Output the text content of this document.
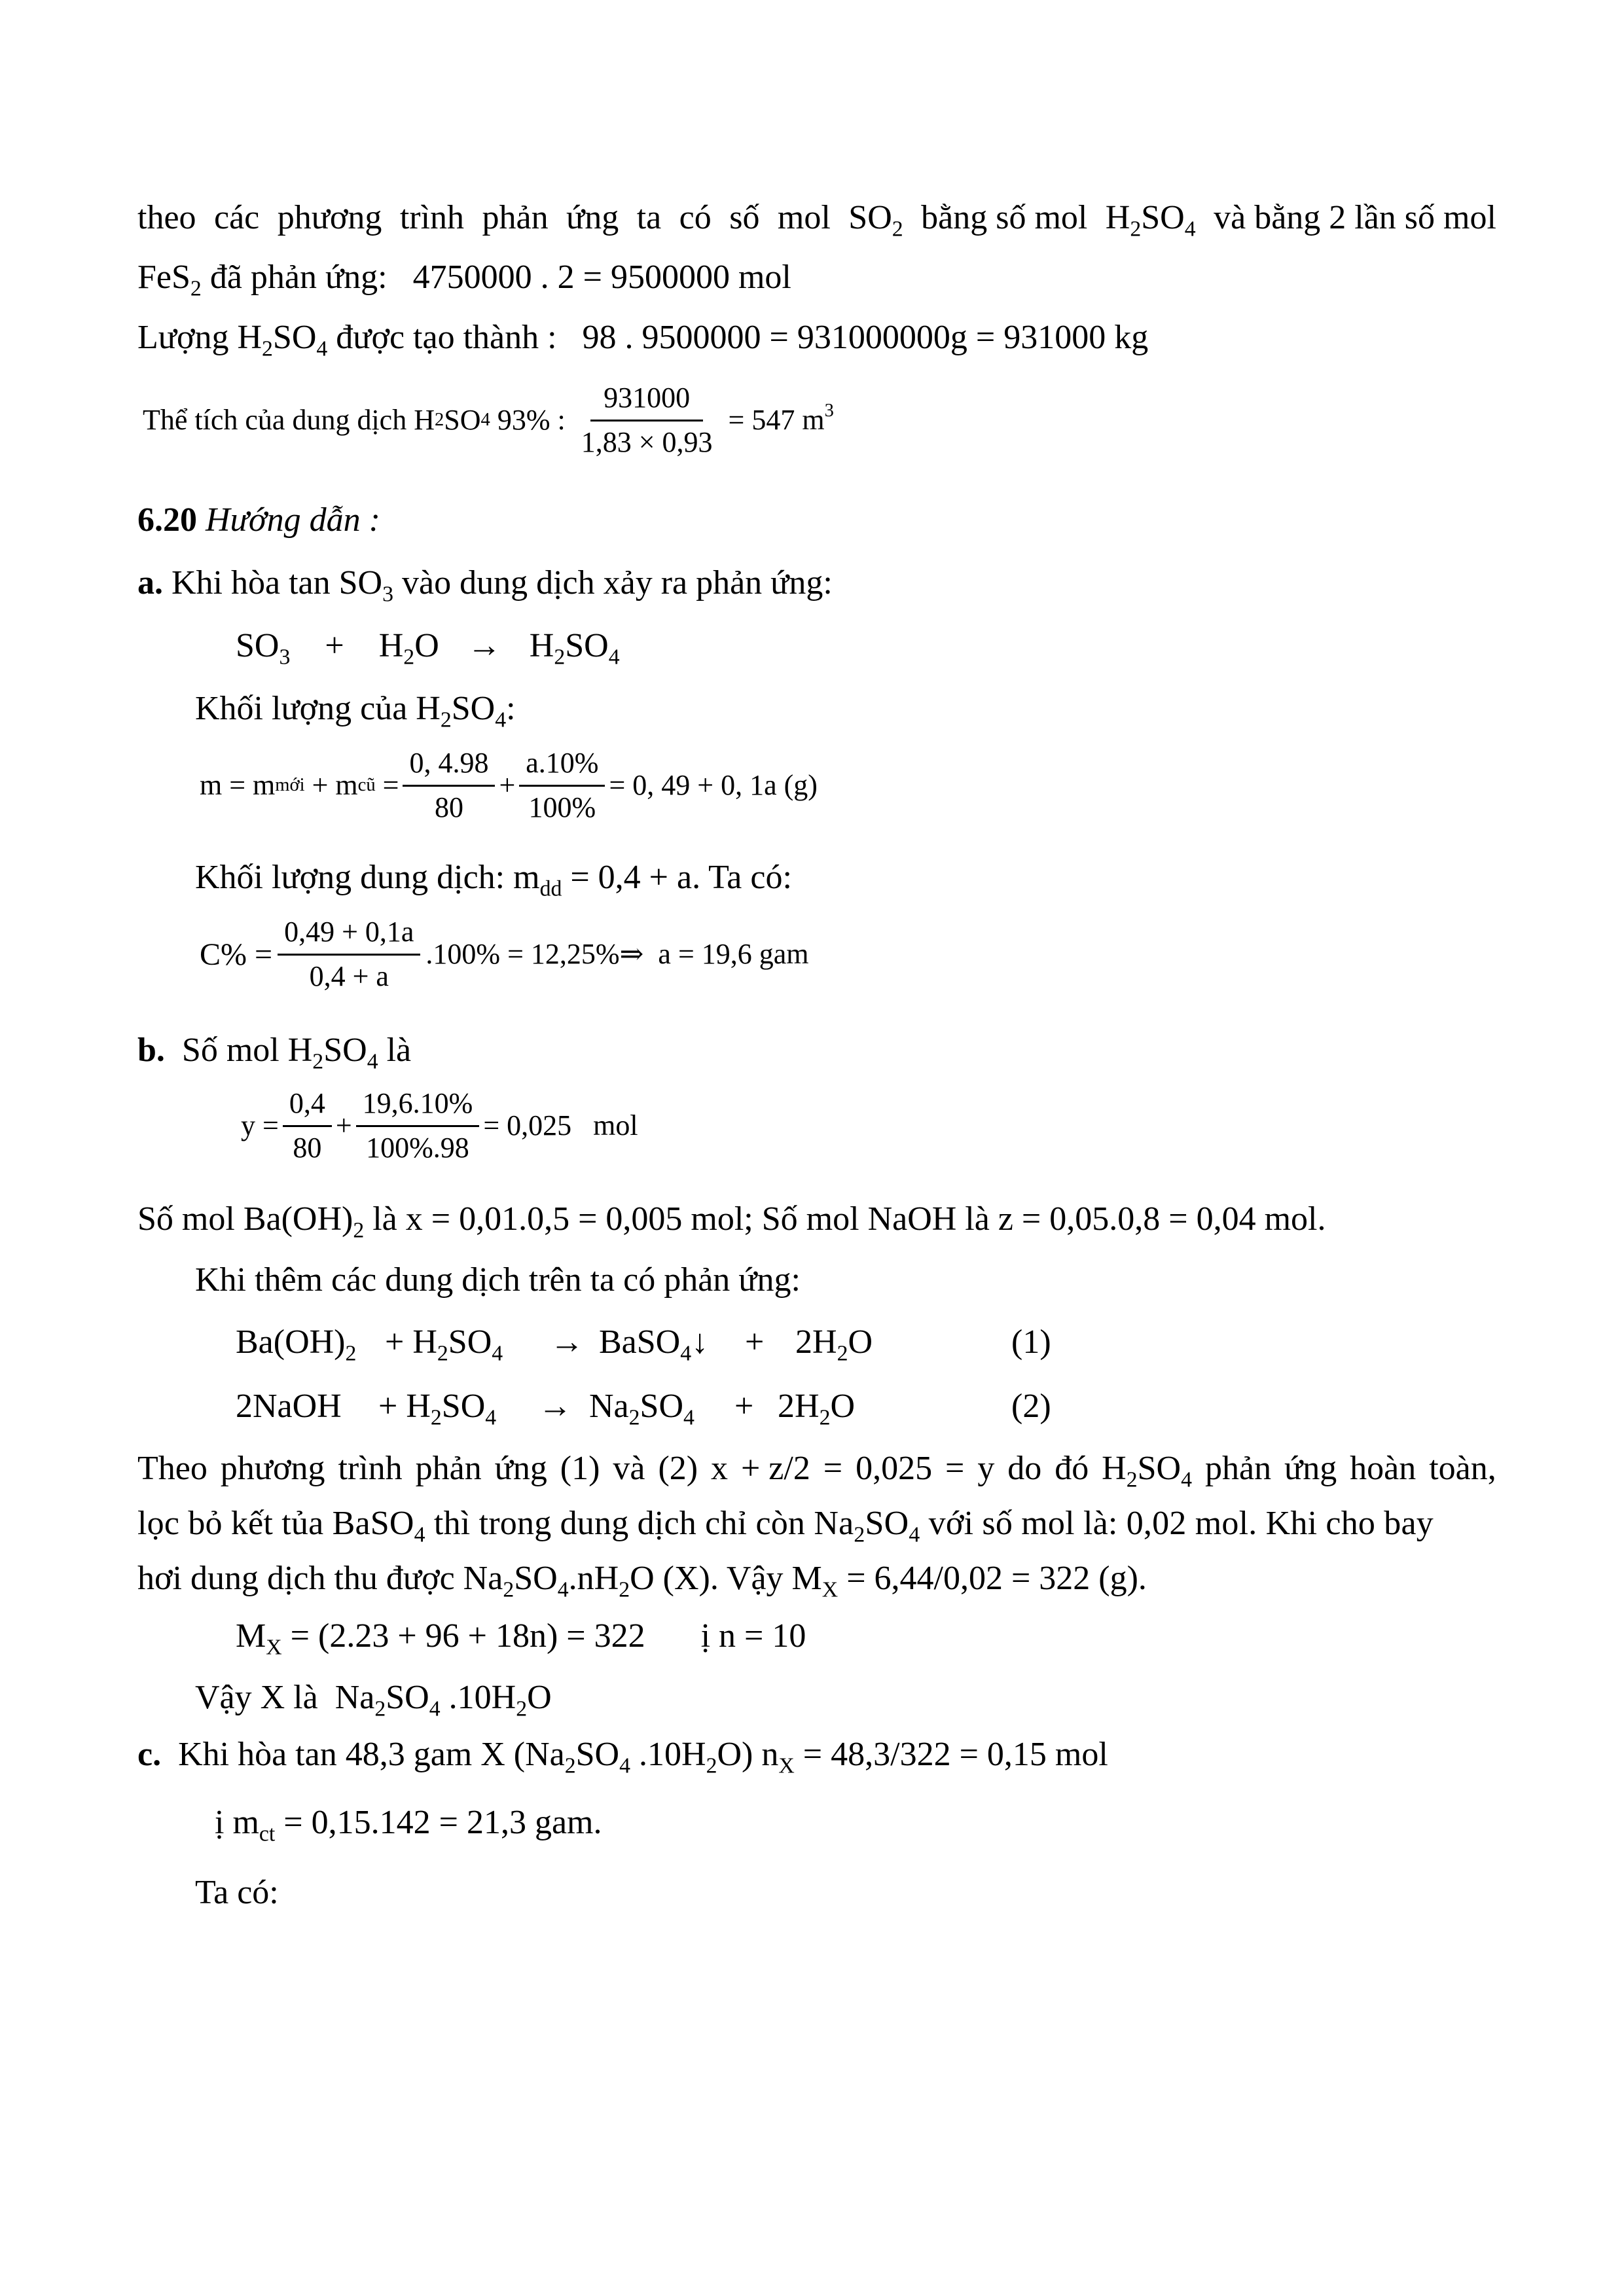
theo các phương trình phản ứng ta có số mol $SO_2$ bằng số mol $H_2SO_4$ và bằng 2 lần số mol
FeS$_2$ đã phản ứng:   4750000 . 2 = 9500000 mol
Lượng $H_2SO_4$ được tạo thành :   98 . 9500000 = 931000000g = 931000 kg
Thể tích của dung dịch H 2 SO 4 93% : $\frac{931000}{1,83 \times 0,93} = 547$ $m^3$
6.20 Hướng dẫn :
a. Khi hòa $\tan SO_3$ vào dung dịch xảy ra phản ứng:
$SO_3 + H_2O \to H_2SO_4$
Khối lượng của $H_2SO_4$:
m = m mới + m cũ = $\frac{0, 4.98}{80} + \frac{a.10\%}{100\%} = 0$, 49 + 0, 1a (g)
Khối lượng dung dịch: $m_{dd} = 0,4 + a$. Ta có:
$C\% = \frac{0,49 + 0,1a}{0,4 + a} .100\%$ = 12,25%⇒  a = 19,6 gam
b.  Số mol $H_2SO_4$ là
$y = \frac{0,4}{80} + \frac{19,6.10\%}{100\%.98} = 0,025$   mol
Số mol $Ba(OH)_2$ là x = 0,01.0,5 = 0,005 mol; Số mol NaOH là z = 0,05.0,8 = 0,04 mol.
Khi thêm các dung dịch trên ta có phản ứng:
$Ba(OH)_2 + H_2SO_4$ → BaSO$_4$↓ + $2H_2O$	(1)
2NaOH + $H_2SO_4 \to Na_2SO_4 + 2H_2O$	(2)
Theo phương trình phản ứng (1) và (2) x + z/2 = 0,025 = y do đó $H_2SO_4$ phản ứng hoàn toàn,
lọc bỏ kết tủa BaSO$_4$ thì trong dung dịch chỉ còn $Na_2SO_4$ với số mol là: 0,02 mol. Khi cho bay
hơi dung dịch thu được $Na_2SO_4.nH_2O$ (X). Vậy $M_X = 6,44/0,02 = 322$ (g).
$M_X = (2.23 + 96 + 18n) = 322$ ị n = 10
Vậy X là  $Na_2SO_4$ $.10H_2O$
c.  Khi hòa tan 48,3 gam X ($Na_2SO_4$ $.10H_2O$) $n_X = 48,3/322 = 0,15$ mol
ị $m_{ct} = 0,15.142 = 21,3$ gam.
Ta có:
